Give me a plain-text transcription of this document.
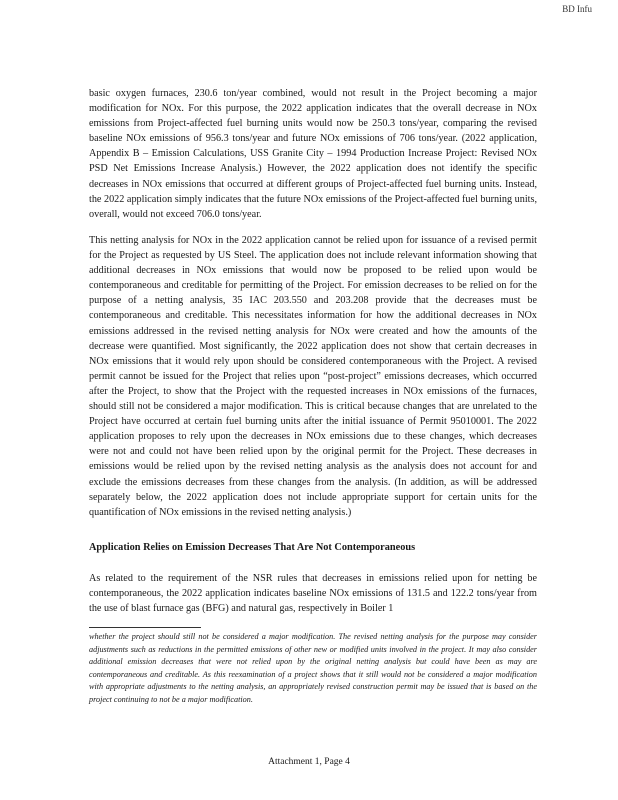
BD Infu

basic oxygen furnaces, 230.6 ton/year combined, would not result in the Project becoming a major modification for NOx. For this purpose, the 2022 application indicates that the overall decrease in NOx emissions from Project-affected fuel burning units would now be 250.3 tons/year, comparing the revised baseline NOx emissions of 956.3 tons/year and future NOx emissions of 706 tons/year. (2022 application, Appendix B – Emission Calculations, USS Granite City – 1994 Production Increase Project: Revised NOx PSD Net Emissions Increase Analysis.) However, the 2022 application does not identify the specific decreases in NOx emissions that occurred at different groups of Project-affected fuel burning units. Instead, the 2022 application simply indicates that the future NOx emissions of the Project-affected fuel burning units, overall, would not exceed 706.0 tons/year.

This netting analysis for NOx in the 2022 application cannot be relied upon for issuance of a revised permit for the Project as requested by US Steel. The application does not include relevant information showing that additional decreases in NOx emissions that would now be proposed to be relied upon would be contemporaneous and creditable for permitting of the Project. For emission decreases to be relied on for the purpose of a netting analysis, 35 IAC 203.550 and 203.208 provide that the decreases must be contemporaneous and creditable. This necessitates information for how the additional decreases in NOx emissions addressed in the revised netting analysis for NOx were created and how the amounts of the decrease were quantified. Most significantly, the 2022 application does not show that certain decreases in NOx emissions that it would rely upon should be considered contemporaneous with the Project. A revised permit cannot be issued for the Project that relies upon “post-project” emissions decreases, which occurred after the Project, to show that the Project with the requested increases in NOx emissions of the furnaces, should still not be considered a major modification. This is critical because changes that are unrelated to the Project have occurred at certain fuel burning units after the initial issuance of Permit 95010001. The 2022 application proposes to rely upon the decreases in NOx emissions due to these changes, which decreases were not and could not have been relied upon by the original permit for the Project. These decreases in emissions would be relied upon by the revised netting analysis as the analysis does not account for and exclude the emissions decreases from these changes from the analysis. (In addition, as will be addressed separately below, the 2022 application does not include appropriate support for certain units for the quantification of NOx emissions in the revised netting analysis.)

Application Relies on Emission Decreases That Are Not Contemporaneous

As related to the requirement of the NSR rules that decreases in emissions relied upon for netting be contemporaneous, the 2022 application indicates baseline NOx emissions of 131.5 and 122.2 tons/year from the use of blast furnace gas (BFG) and natural gas, respectively in Boiler 1

whether the project should still not be considered a major modification. The revised netting analysis for the purpose may consider adjustments such as reductions in the permitted emissions of other new or modified units involved in the project. It may also consider additional emission decreases that were not relied upon by the original netting analysis but could have been as may are contemporaneous and creditable. As this reexamination of a project shows that it still would not be considered a major modification with appropriate adjustments to the netting analysis, an appropriately revised construction permit may be issued that is based on the project continuing to not be a major modification.

Attachment 1, Page 4
